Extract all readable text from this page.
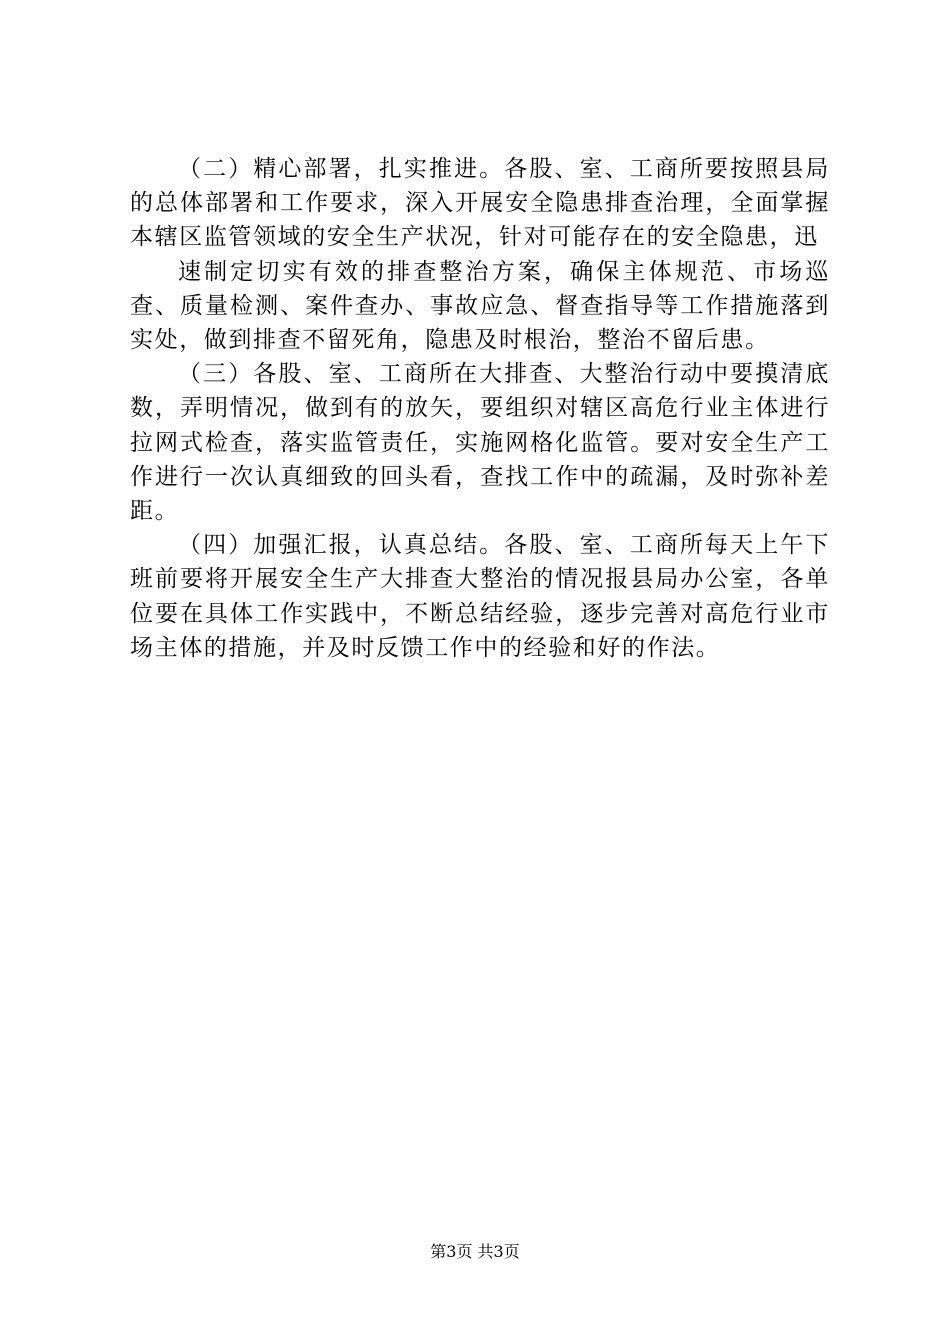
（二）精心部署，扎实推进。各股、室、工商所要按照县局的总体部署和工作要求，深入开展安全隐患排查治理，全面掌握本辖区监管领域的安全生产状况，针对可能存在的安全隐患，迅

速制定切实有效的排查整治方案，确保主体规范、市场巡查、质量检测、案件查办、事故应急、督查指导等工作措施落到实处，做到排查不留死角，隐患及时根治，整治不留后患。

（三）各股、室、工商所在大排查、大整治行动中要摸清底数，弄明情况，做到有的放矢，要组织对辖区高危行业主体进行拉网式检查，落实监管责任，实施网格化监管。要对安全生产工作进行一次认真细致的回头看，查找工作中的疏漏，及时弥补差距。

（四）加强汇报，认真总结。各股、室、工商所每天上午下班前要将开展安全生产大排查大整治的情况报县局办公室，各单位要在具体工作实践中，不断总结经验，逐步完善对高危行业市场主体的措施，并及时反馈工作中的经验和好的作法。

第3页 共3页
